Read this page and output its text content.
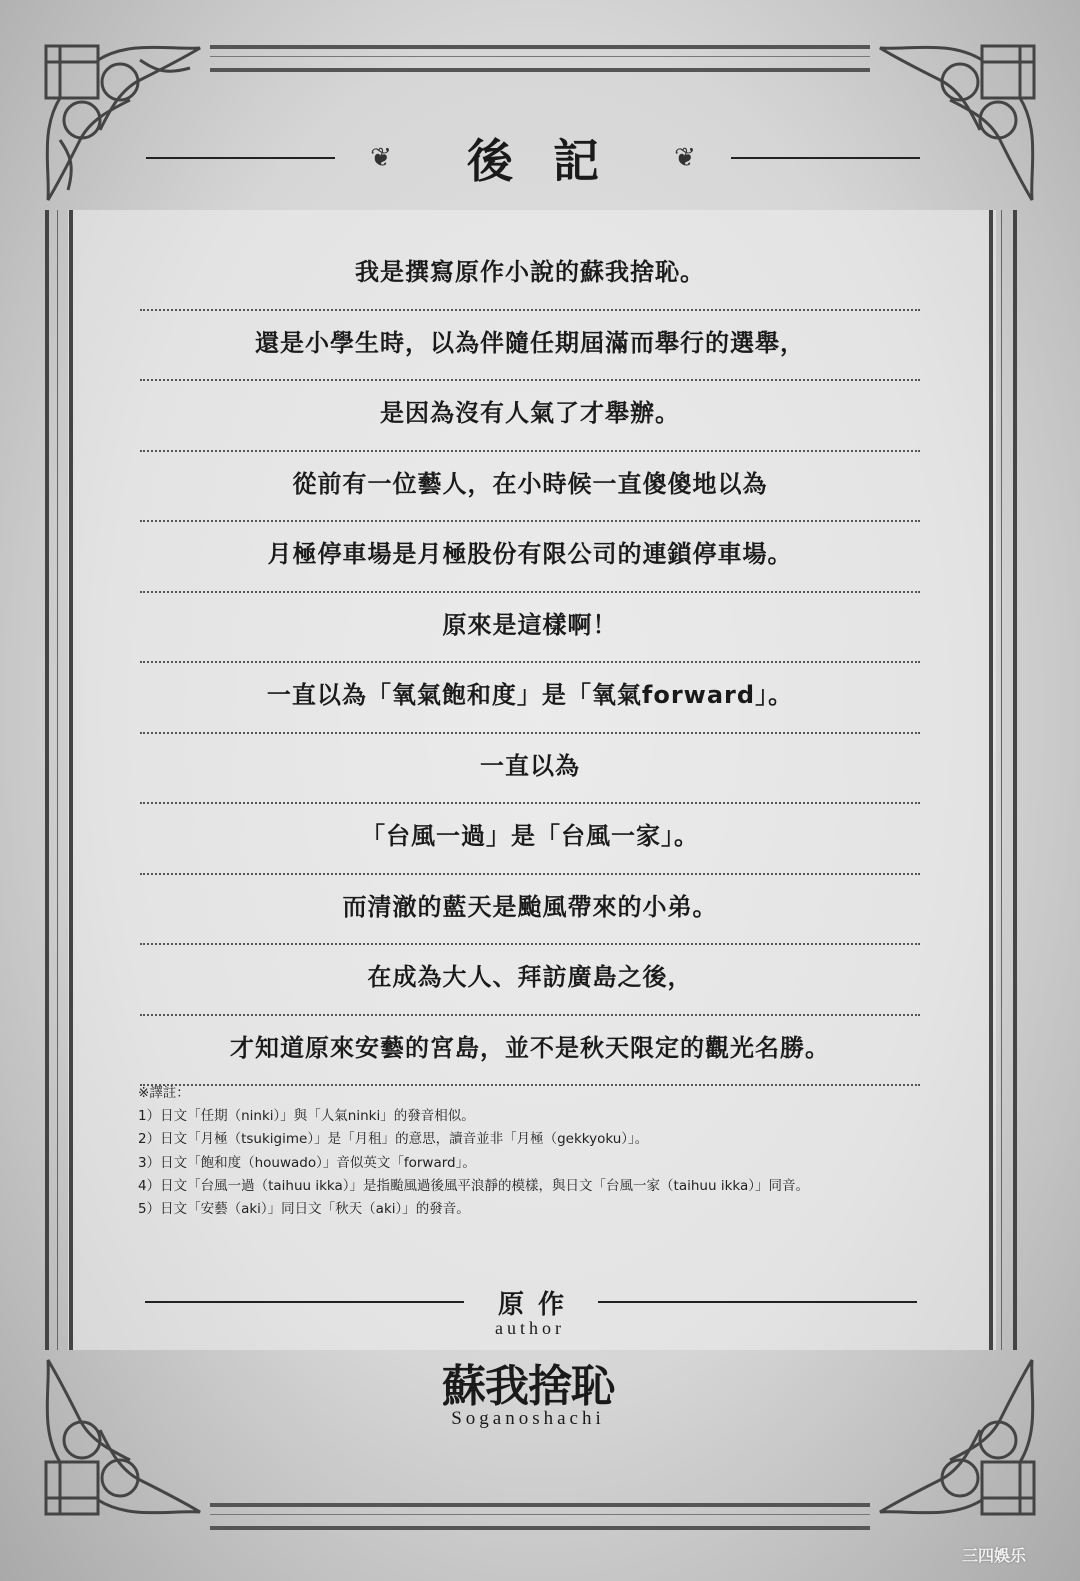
❦	後記 ❦
我是撰寫原作小說的蘇我捨恥。
還是小學生時，以為伴隨任期屆滿而舉行的選舉，
是因為沒有人氣了才舉辦。
從前有一位藝人，在小時候一直傻傻地以為
月極停車場是月極股份有限公司的連鎖停車場。
原來是這樣啊！
一直以為「氧氣飽和度」是「氧氣forward」。
一直以為
「台風一過」是「台風一家」。
而清澈的藍天是颱風帶來的小弟。
在成為大人、拜訪廣島之後，
才知道原來安藝的宮島，並不是秋天限定的觀光名勝。
※譯註：
1）日文「任期（ninki）」與「人氣ninki」的發音相似。
2）日文「月極（tsukigime）」是「月租」的意思，讀音並非「月極（gekkyoku）」。
3）日文「飽和度（houwado）」音似英文「forward」。
4）日文「台風一過（taihuu ikka）」是指颱風過後風平浪靜的模樣，與日文「台風一家（taihuu ikka）」同音。
5）日文「安藝（aki）」同日文「秋天（aki）」的發音。
原作
author
蘇我捨恥
Soganoshachi
三四娛乐
